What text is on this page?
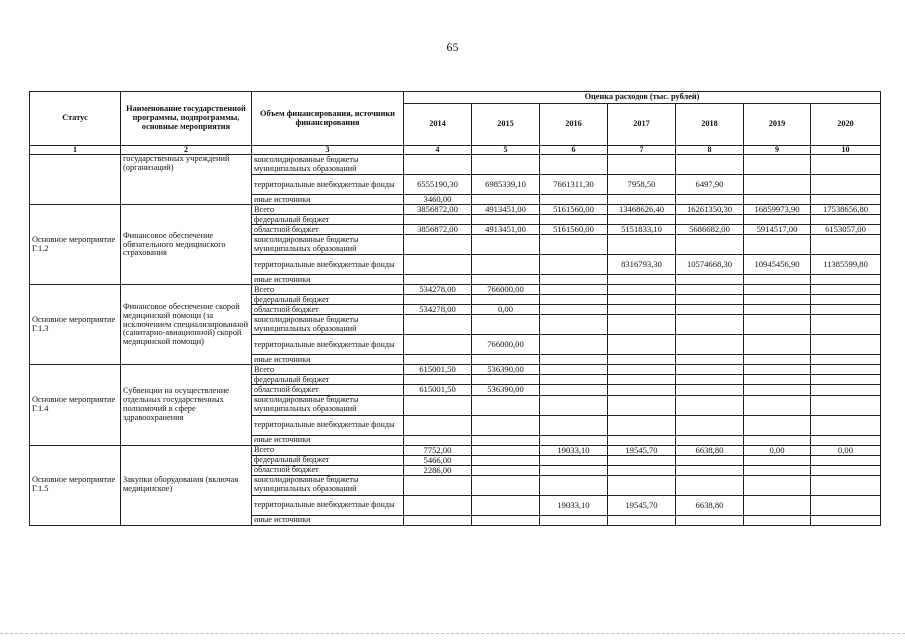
65
Статус	Наименование государственной программы, подпрограммы, основные мероприятия	Объем финансирования, источники финансирования	Оценка расходов (тыс. рублей)						
			2014	2015	2016	2017	2018	2019	2020
1	2	3	4	5	6	7	8	9	10
	государственных учреждений (организаций)	консолидированные бюджеты муниципальных образований							
		территориальные внебюджетные фонды	6555190,30	6985339,10	7661311,30	7958,50	6497,90		
		иные источники	3460,00						
Основное мероприятие Г.1.2	Финансовое обеспечение обязательного медицинского страхования	Всего	3856872,00	4913451,00	5161560,00	13468626,40	16261350,30	16859973,90	17538656,80
		федеральный бюджет							
		областной бюджет	3856872,00	4913451,00	5161560,00	5151833,10	5686682,00	5914517,00	6153057,00
		консолидированные бюджеты муниципальных образований							
		территориальные внебюджетные фонды				8316793,30	10574668,30	10945456,90	11385599,80
		иные источники							
Основное мероприятие Г.1.3	Финансовое обеспечение скорой медицинской помощи (за исключением специализированной (санитарно-авиационной) скорой медицинской помощи)	Всего	534278,00	766000,00					
		федеральный бюджет							
		областной бюджет	534278,00	0,00					
		консолидированные бюджеты муниципальных образований							
		территориальные внебюджетные фонды		766000,00					
		иные источники							
Основное мероприятие Г.1.4	Субвенции на осуществление отдельных государственных полномочий в сфере здравоохранения	Всего	615001,50	536390,00					
		федеральный бюджет							
		областной бюджет	615001,50	536390,00					
		консолидированные бюджеты муниципальных образований							
		территориальные внебюджетные фонды							
		иные источники							
Основное мероприятие Г.1.5	Закупки оборудования (включая медицинское)	Всего	7752,00		19033,10	19545,70	6638,80	0,00	0,00
		федеральный бюджет	5466,00						
		областной бюджет	2286,00						
		консолидированные бюджеты муниципальных образований							
		территориальные внебюджетные фонды			19033,10	19545,70	6638,80		
		иные источники							
